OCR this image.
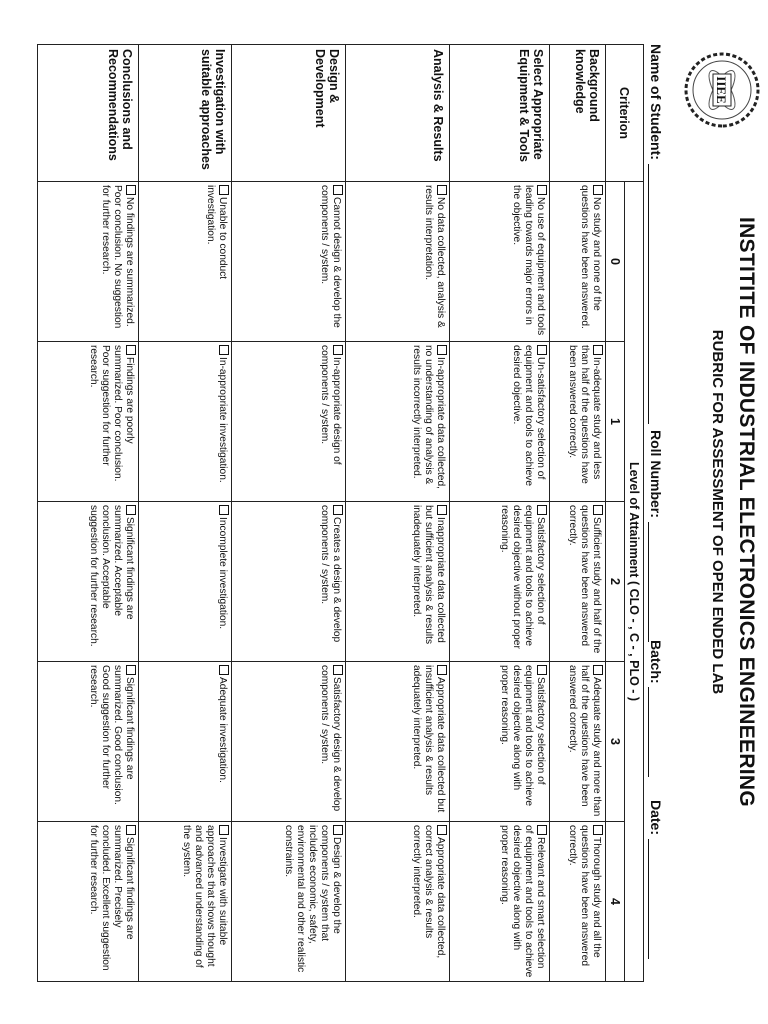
IIEE
INSTITITE OF INDUSTRIAL ELECTRONICS ENGINEERING
RUBRIC FOR ASSESSMENT OF OPEN ENDED LAB
Name of Student:
Roll Number:
Batch:
Date:
Criterion	Level of Attainment ( CLO - , C - , PLO - )				
	0	1	2	3	4
Background knowledge	No study and none of the questions have been answered.	In-adequate study and less than half of the questions have been answered correctly.	Sufficient study and half of the questions have been answered correctly.	Adequate study and more than half of the questions have been answered correctly.	Thorough study and all the questions have been answered correctly.
Select Appropriate Equipment & Tools	No use of equipment and tools leading towards major errors in the objective.	Un-satisfactory selection of equipment and tools to achieve desired objective.	Satisfactory selection of equipment and tools to achieve desired objective without proper reasoning.	Satisfactory selection of equipment and tools to achieve desired objective along with proper reasoning.	Relevant and smart selection of equipment and tools to achieve desired objective along with proper reasoning.
Analysis & Results	No data collected, analysis & results interpretation.	In-appropriate data collected, no understanding of analysis & results incorrectly interpreted.	Inappropriate data collected but sufficient analysis & results inadequately interpreted.	Appropriate data collected but insufficient analysis & results adequately interpreted.	Appropriate data collected, correct analysis & results correctly interpreted.
Design & Development	Cannot design & develop the components / system.	In-appropriate design of components / system.	Creates a design & develop components / system.	Satisfactory design & develop components / system.	Design & develop the components / system that includes economic, safety, environmental and other realistic constraints.
Investigation with suitable approaches	Unable to conduct investigation.	In-appropriate investigation.	Incomplete investigation.	Adequate investigation.	Investigate with suitable approaches that shows thought and advanced understanding of the system.
Conclusions and Recommendations	No findings are summarized. Poor conclusion. No suggestion for further research.	Findings are poorly summarized. Poor conclusion. Poor suggestion for further research.	Significant findings are summarized. Acceptable conclusion. Acceptable suggestion for further research.	Significant findings are summarized. Good conclusion. Good suggestion for further research.	Significant findings are summarized. Precisely concluded. Excellent suggestion for further research.
